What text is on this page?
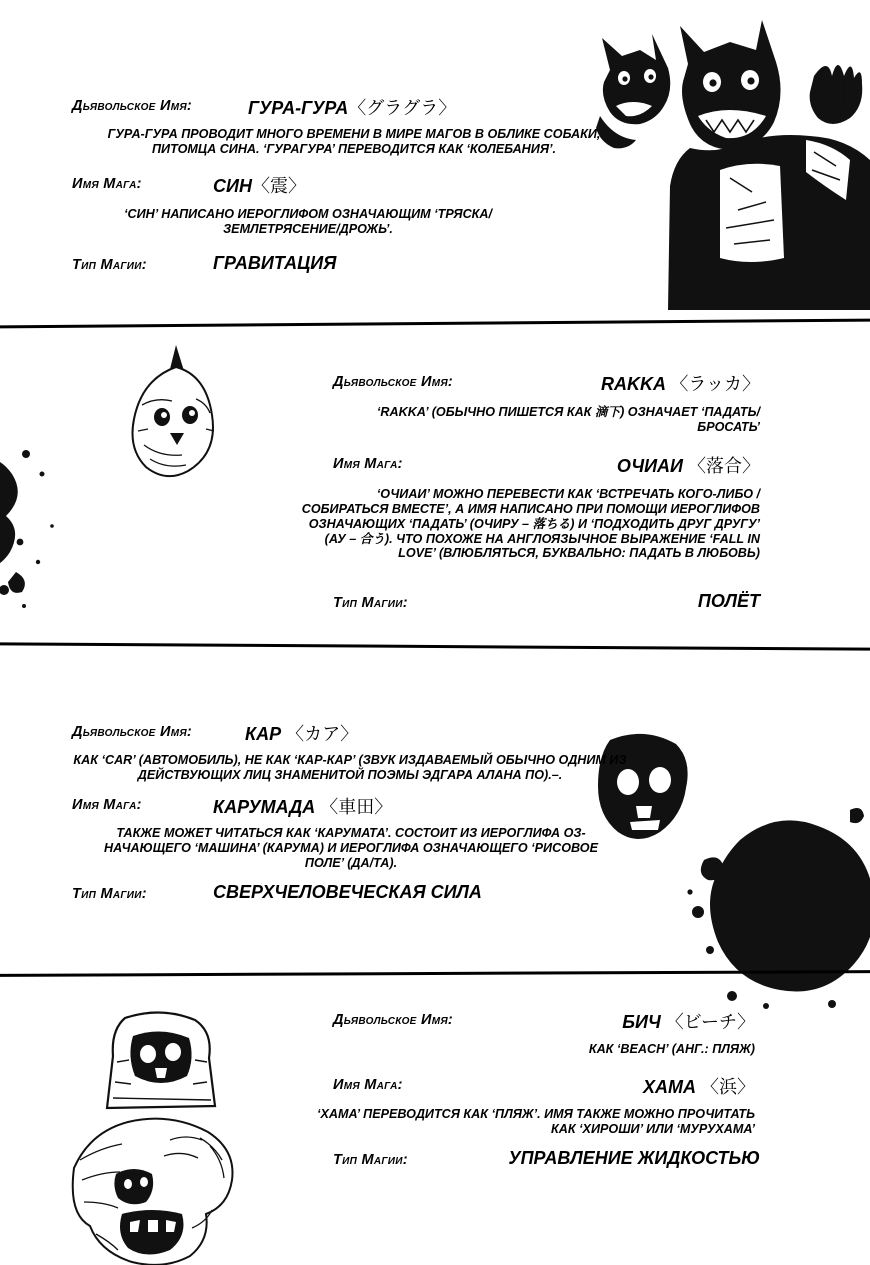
Дьявольское Имя:	ГУРА-ГУРА〈グラグラ〉
ГУРА-ГУРА ПРОВОДИТ МНОГО ВРЕМЕНИ В МИРЕ МАГОВ В ОБЛИКЕ СОБАКИ, ПИТОМЦА СИНА. ‘ГУРАГУРА’ ПЕРЕВОДИТСЯ КАК ‘КОЛЕБАНИЯ’.
Имя Мага:	СИН〈震〉
‘СИН’ НАПИСАНО ИЕРОГЛИФОМ ОЗНАЧАЮЩИМ ‘ТРЯСКА/ЗЕМЛЕТРЯСЕНИЕ/ДРОЖЬ’.
Тип Магии:	ГРАВИТАЦИЯ
Дьявольское Имя:	RAKKA 〈ラッカ〉
‘RAKKA’ (ОБЫЧНО ПИШЕТСЯ КАК 滴下) ОЗНАЧАЕТ ‘ПАДАТЬ/БРОСАТЬ’
Имя Мага:	ОЧИАИ 〈落合〉
‘ОЧИАИ’ МОЖНО ПЕРЕВЕСТИ КАК ‘ВСТРЕЧАТЬ КОГО-ЛИБО / СОБИРАТЬСЯ ВМЕСТЕ’, А ИМЯ НАПИСАНО ПРИ ПОМОЩИ ИЕРОГЛИФОВ ОЗНАЧАЮЩИХ ‘ПАДАТЬ’ (ОЧИРУ – 落ちる) И ‘ПОДХОДИТЬ ДРУГ ДРУГУ’ (АУ – 合う). ЧТО ПОХОЖЕ НА АНГЛОЯЗЫЧНОЕ ВЫРАЖЕНИЕ ‘FALL IN LOVE’ (ВЛЮБЛЯТЬСЯ, БУКВАЛЬНО: ПАДАТЬ В ЛЮБОВЬ)
Тип Магии:	ПОЛЁТ
Дьявольское Имя:	КАР 〈カア〉
КАК ‘CAR’ (АВТОМОБИЛЬ), НЕ КАК ‘КАР-КАР’ (ЗВУК ИЗДАВАЕМЫЙ ОБЫЧНО ОДНИМ ИЗ ДЕЙСТВУЮЩИХ ЛИЦ ЗНАМЕНИТОЙ ПОЭМЫ ЭДГАРА АЛАНА ПО).–.
Имя Мага:	КАРУМАДА 〈車田〉
ТАКЖЕ МОЖЕТ ЧИТАТЬСЯ КАК ‘КАРУМАТА’. СОСТОИТ ИЗ ИЕРОГЛИФА ОЗ-НАЧАЮЩЕГО ‘МАШИНА’ (КАРУМА) И ИЕРОГЛИФА ОЗНАЧАЮЩЕГО ‘РИСОВОЕ ПОЛЕ’ (ДА/ТА).
Тип Магии:	СВЕРХЧЕЛОВЕЧЕСКАЯ СИЛА
Дьявольское Имя:	БИЧ 〈ビーチ〉
КАК ‘BEACH’ (АНГ.: ПЛЯЖ)
Имя Мага:	ХАМА 〈浜〉
‘ХАМА’ ПЕРЕВОДИТСЯ КАК ‘ПЛЯЖ’. ИМЯ ТАКЖЕ МОЖНО ПРОЧИТАТЬ КАК ‘ХИРОШИ’ ИЛИ ‘МУРУХАМА’
Тип Магии:	УПРАВЛЕНИЕ ЖИДКОСТЬЮ
